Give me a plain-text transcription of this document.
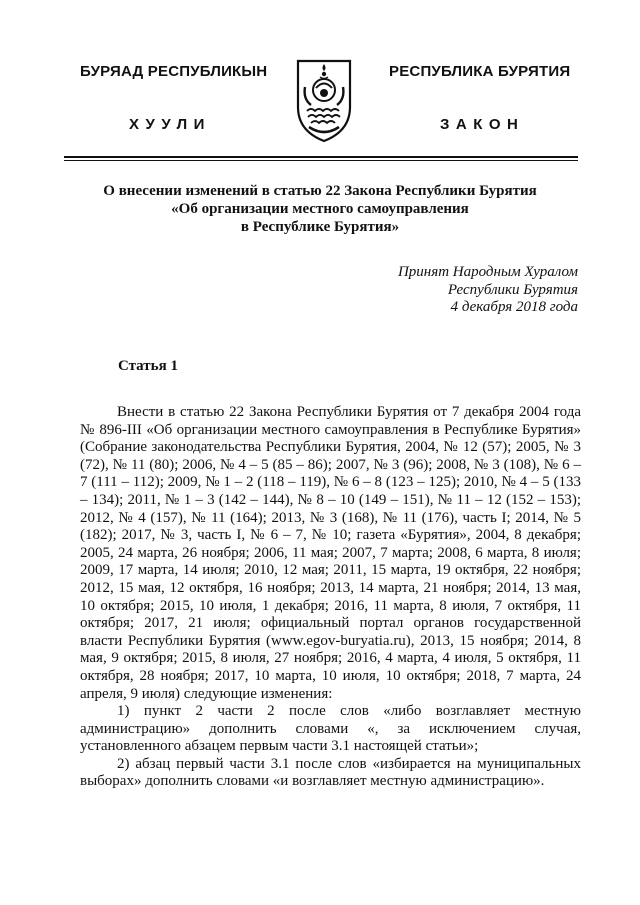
БУРЯАД РЕСПУБЛИКЫН
ХУУЛИ
РЕСПУБЛИКА БУРЯТИЯ
ЗАКОН
О внесении изменений в статью 22 Закона Республики Бурятия
«Об организации местного самоуправления
в Республике Бурятия»
Принят Народным Хуралом
Республики Бурятия
4 декабря 2018 года
Статья 1

Внести в статью 22 Закона Республики Бурятия от 7 декабря 2004 года № 896-III «Об организации местного самоуправления в Республике Бурятия» (Собрание законодательства Республики Бурятия, 2004, № 12 (57); 2005, № 3 (72), № 11 (80); 2006, № 4 – 5 (85 – 86); 2007, № 3 (96); 2008, № 3 (108), № 6 – 7 (111 – 112); 2009, № 1 – 2 (118 – 119), № 6 – 8 (123 – 125); 2010, № 4 – 5 (133 – 134); 2011, № 1 – 3 (142 – 144), № 8 – 10 (149 – 151), № 11 – 12 (152 – 153); 2012, № 4 (157), № 11 (164); 2013, № 3 (168), № 11 (176), часть I; 2014, № 5 (182); 2017, № 3, часть I, № 6 – 7, № 10; газета «Бурятия», 2004, 8 декабря; 2005, 24 марта, 26 ноября; 2006, 11 мая; 2007, 7 марта; 2008, 6 марта, 8 июля; 2009, 17 марта, 14 июля; 2010, 12 мая; 2011, 15 марта, 19 октября, 22 ноября; 2012, 15 мая, 12 октября, 16 ноября; 2013, 14 марта, 21 ноября; 2014, 13 мая, 10 октября; 2015, 10 июля, 1 декабря; 2016, 11 марта, 8 июля, 7 октября, 11 октября; 2017, 21 июля; официальный портал органов государственной власти Республики Бурятия (www.egov-buryatia.ru), 2013, 15 ноября; 2014, 8 мая, 9 октября; 2015, 8 июля, 27 ноября; 2016, 4 марта, 4 июля, 5 октября, 11 октября, 28 ноября; 2017, 10 марта, 10 июля, 10 октября; 2018, 7 марта, 24 апреля, 9 июля) следующие изменения:

1) пункт 2 части 2 после слов «либо возглавляет местную администрацию» дополнить словами «, за исключением случая, установленного абзацем первым части 3.1 настоящей статьи»;

2) абзац первый части 3.1 после слов «избирается на муниципальных выборах» дополнить словами «и возглавляет местную администрацию».
